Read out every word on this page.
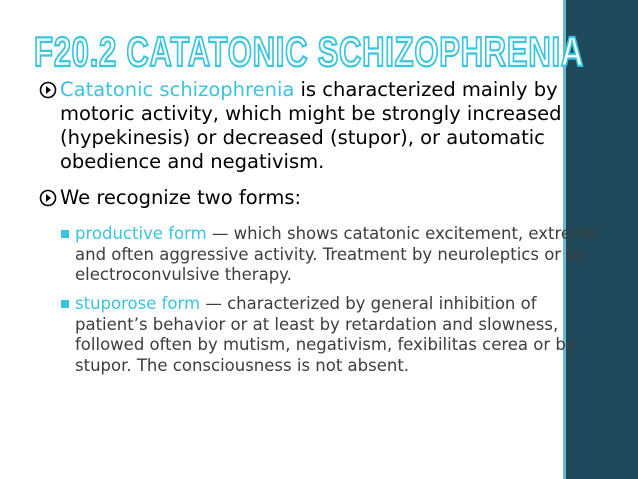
F20.2 CATATONIC SCHIZOPHRENIA
Catatonic schizophrenia is characterized mainly by motoric activity, which might be strongly increased (hypekinesis) or decreased (stupor), or automatic obedience and negativism.
We recognize two forms:
productive form — which shows catatonic excitement, extreme and often aggressive activity. Treatment by neuroleptics or by electroconvulsive therapy.
stuporose form — characterized by general inhibition of patient’s behavior or at least by retardation and slowness, followed often by mutism, negativism, fexibilitas cerea or by stupor. The consciousness is not absent.
